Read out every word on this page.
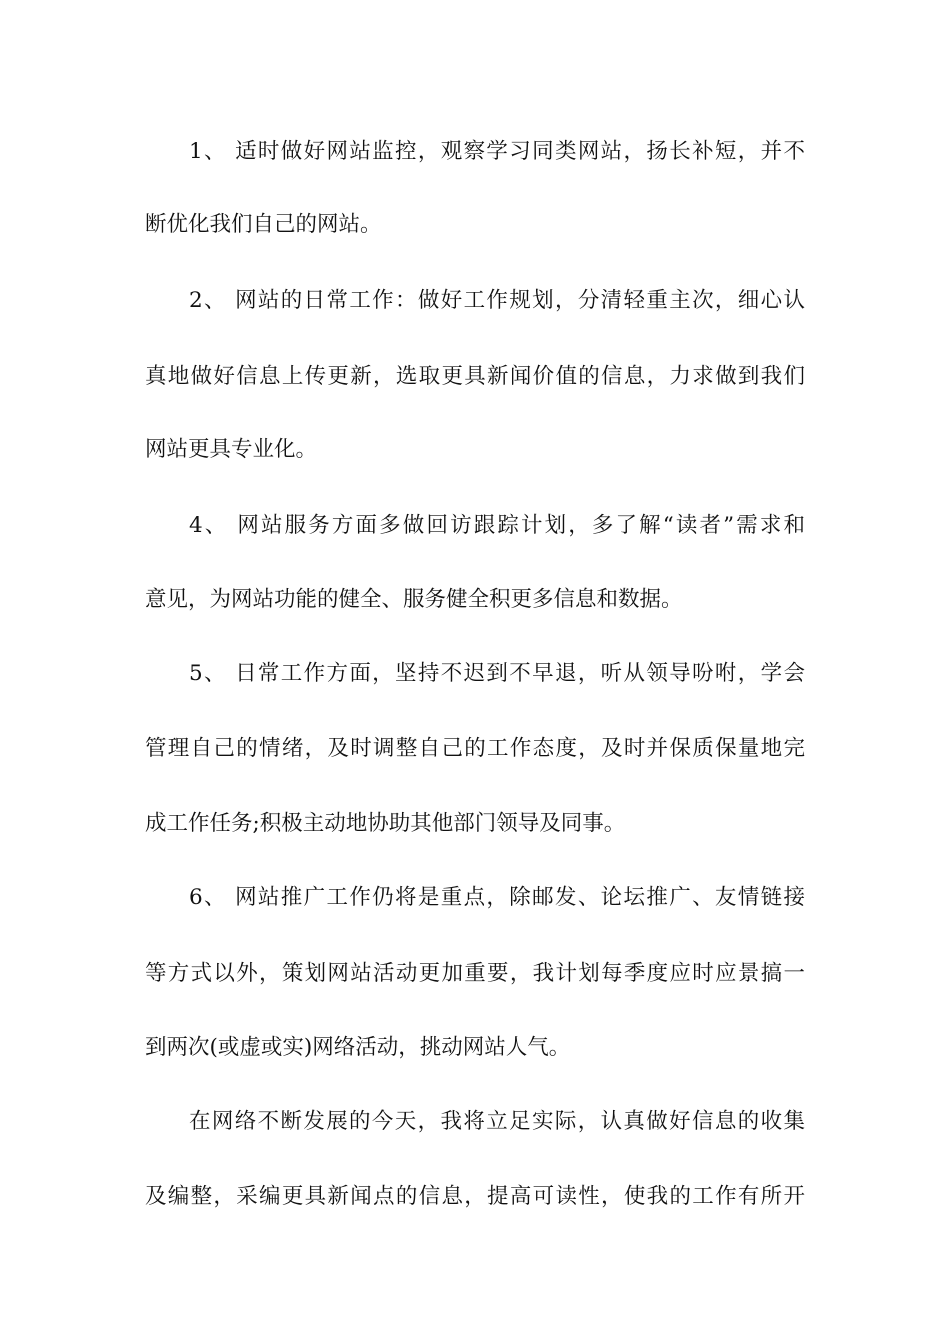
1、 适时做好网站监控，观察学习同类网站，扬长补短，并不
断优化我们自己的网站。
2、 网站的日常工作：做好工作规划，分清轻重主次，细心认
真地做好信息上传更新，选取更具新闻价值的信息，力求做到我们
网站更具专业化。
4、 网站服务方面多做回访跟踪计划，多了解“读者”需求和
意见，为网站功能的健全、服务健全积更多信息和数据。
5、 日常工作方面，坚持不迟到不早退，听从领导吩咐，学会
管理自己的情绪，及时调整自己的工作态度，及时并保质保量地完
成工作任务;积极主动地协助其他部门领导及同事。
6、 网站推广工作仍将是重点，除邮发、论坛推广、友情链接
等方式以外，策划网站活动更加重要，我计划每季度应时应景搞一
到两次(或虚或实)网络活动，挑动网站人气。
在网络不断发展的今天，我将立足实际，认真做好信息的收集
及编整，采编更具新闻点的信息，提高可读性，使我的工作有所开
